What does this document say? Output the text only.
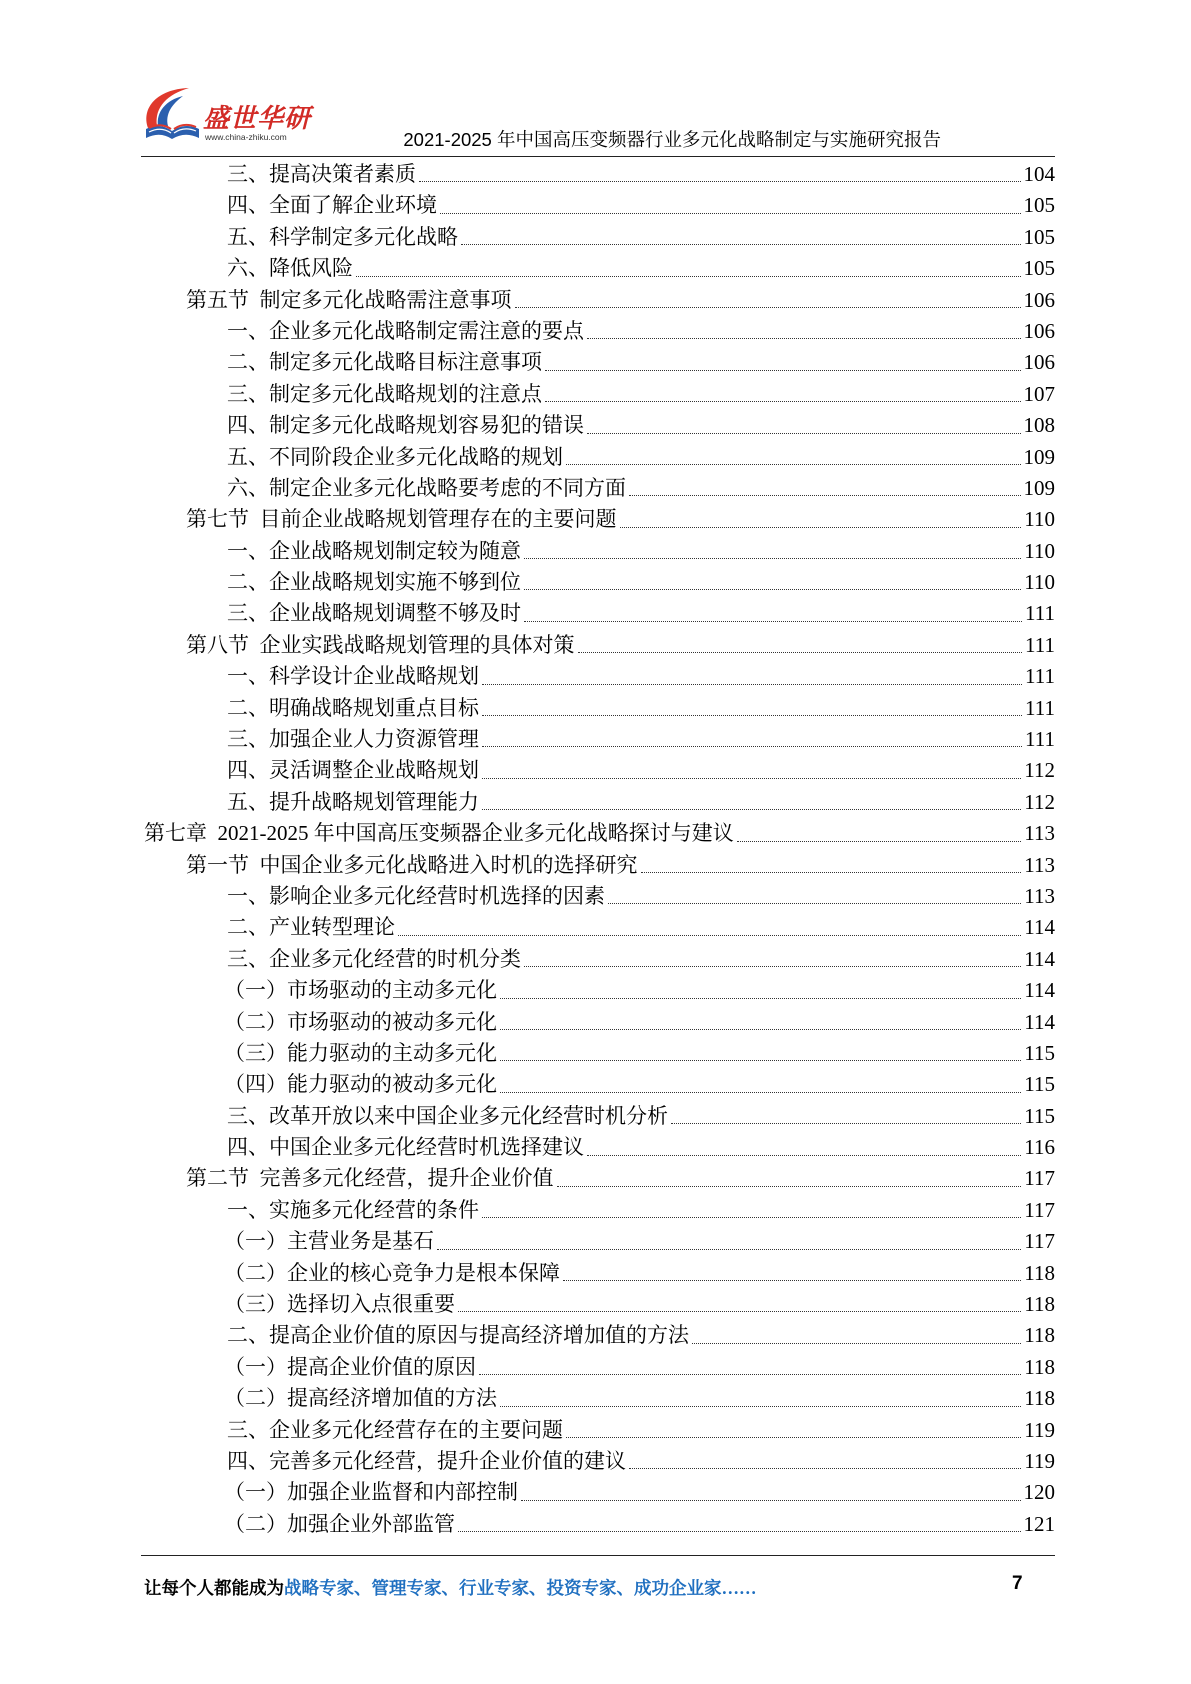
盛世华研
www.china-zhiku.com	2021-2025 年中国高压变频器行业多元化战略制定与实施研究报告
三、提高决策者素质	104
四、全面了解企业环境	105
五、科学制定多元化战略	105
六、降低风险	105
第五节  制定多元化战略需注意事项	106
一、企业多元化战略制定需注意的要点	106
二、制定多元化战略目标注意事项	106
三、制定多元化战略规划的注意点	107
四、制定多元化战略规划容易犯的错误	108
五、不同阶段企业多元化战略的规划	109
六、制定企业多元化战略要考虑的不同方面	109
第七节  目前企业战略规划管理存在的主要问题	110
一、企业战略规划制定较为随意	110
二、企业战略规划实施不够到位	110
三、企业战略规划调整不够及时	111
第八节  企业实践战略规划管理的具体对策	111
一、科学设计企业战略规划	111
二、明确战略规划重点目标	111
三、加强企业人力资源管理	111
四、灵活调整企业战略规划	112
五、提升战略规划管理能力	112
第七章  2021-2025 年中国高压变频器企业多元化战略探讨与建议	113
第一节  中国企业多元化战略进入时机的选择研究	113
一、影响企业多元化经营时机选择的因素	113
二、产业转型理论	114
三、企业多元化经营的时机分类	114
（一）市场驱动的主动多元化	114
（二）市场驱动的被动多元化	114
（三）能力驱动的主动多元化	115
（四）能力驱动的被动多元化	115
三、改革开放以来中国企业多元化经营时机分析	115
四、中国企业多元化经营时机选择建议	116
第二节  完善多元化经营，提升企业价值	117
一、实施多元化经营的条件	117
（一）主营业务是基石	117
（二）企业的核心竞争力是根本保障	118
（三）选择切入点很重要	118
二、提高企业价值的原因与提高经济增加值的方法	118
（一）提高企业价值的原因	118
（二）提高经济增加值的方法	118
三、企业多元化经营存在的主要问题	119
四、完善多元化经营，提升企业价值的建议	119
（一）加强企业监督和内部控制	120
（二）加强企业外部监管	121
让每个人都能成为战略专家、管理专家、行业专家、投资专家、成功企业家……	7
